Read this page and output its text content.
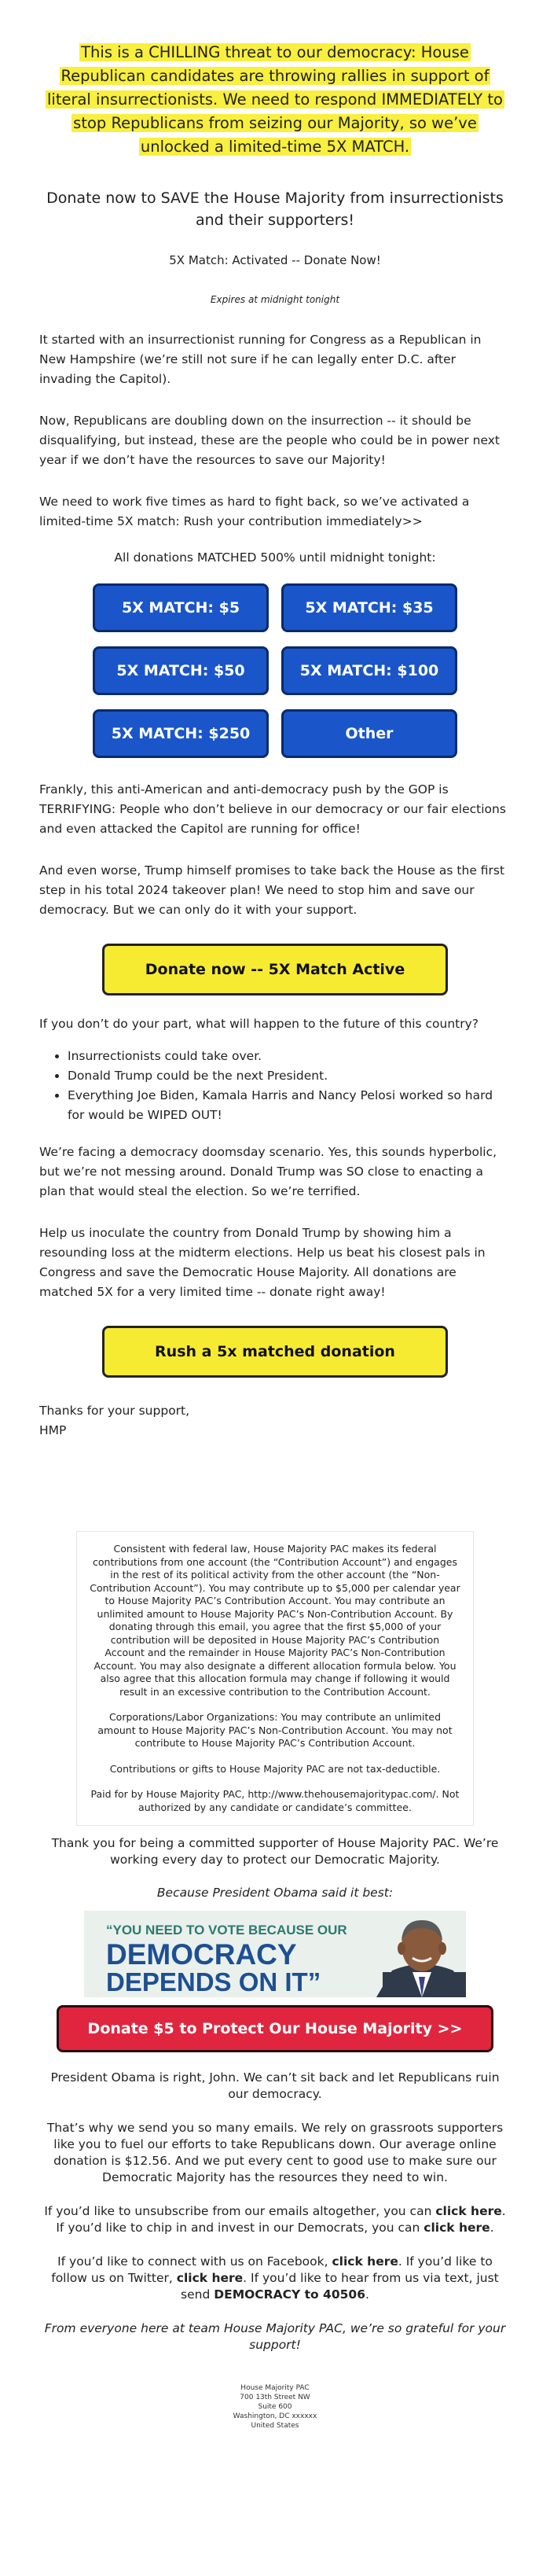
This is a CHILLING threat to our democracy: House Republican candidates are throwing rallies in support of literal insurrectionists. We need to respond IMMEDIATELY to stop Republicans from seizing our Majority, so we’ve unlocked a limited-time 5X MATCH.
Donate now to SAVE the House Majority from insurrectionists and their supporters!
5X Match: Activated -- Donate Now!
Expires at midnight tonight

It started with an insurrectionist running for Congress as a Republican in New Hampshire (we’re still not sure if he can legally enter D.C. after invading the Capitol).

Now, Republicans are doubling down on the insurrection -- it should be disqualifying, but instead, these are the people who could be in power next year if we don’t have the resources to save our Majority!

We need to work five times as hard to fight back, so we’ve activated a limited-time 5X match: Rush your contribution immediately>>

All donations MATCHED 500% until midnight tonight:
5X MATCH: $5	5X MATCH: $35
5X MATCH: $50	5X MATCH: $100
5X MATCH: $250	Other

Frankly, this anti-American and anti-democracy push by the GOP is TERRIFYING: People who don’t believe in our democracy or our fair elections and even attacked the Capitol are running for office!

And even worse, Trump himself promises to take back the House as the first step in his total 2024 takeover plan! We need to stop him and save our democracy. But we can only do it with your support.

Donate now -- 5X Match Active

If you don’t do your part, what will happen to the future of this country?

• Insurrectionists could take over.
• Donald Trump could be the next President.
• Everything Joe Biden, Kamala Harris and Nancy Pelosi worked so hard for would be WIPED OUT!

We’re facing a democracy doomsday scenario. Yes, this sounds hyperbolic, but we’re not messing around. Donald Trump was SO close to enacting a plan that would steal the election. So we’re terrified.

Help us inoculate the country from Donald Trump by showing him a resounding loss at the midterm elections. Help us beat his closest pals in Congress and save the Democratic House Majority. All donations are matched 5X for a very limited time -- donate right away!

Rush a 5x matched donation
Thanks for your support,
HMP

Consistent with federal law, House Majority PAC makes its federal contributions from one account (the “Contribution Account”) and engages in the rest of its political activity from the other account (the “Non-Contribution Account”). You may contribute up to $5,000 per calendar year to House Majority PAC’s Contribution Account. You may contribute an unlimited amount to House Majority PAC’s Non-Contribution Account. By donating through this email, you agree that the first $5,000 of your contribution will be deposited in House Majority PAC’s Contribution Account and the remainder in House Majority PAC’s Non-Contribution Account. You may also designate a different allocation formula below. You also agree that this allocation formula may change if following it would result in an excessive contribution to the Contribution Account.

Corporations/Labor Organizations: You may contribute an unlimited amount to House Majority PAC’s Non-Contribution Account. You may not contribute to House Majority PAC’s Contribution Account.

Contributions or gifts to House Majority PAC are not tax-deductible.

Paid for by House Majority PAC, http://www.thehousemajoritypac.com/. Not authorized by any candidate or candidate’s committee.

Thank you for being a committed supporter of House Majority PAC. We’re working every day to protect our Democratic Majority.
Because President Obama said it best:
“YOU NEED TO VOTE BECAUSE OUR
DEMOCRACY
DEPENDS ON IT”
Donate $5 to Protect Our House Majority >>

President Obama is right, John. We can’t sit back and let Republicans ruin our democracy.

That’s why we send you so many emails. We rely on grassroots supporters like you to fuel our efforts to take Republicans down. Our average online donation is $12.56. And we put every cent to good use to make sure our Democratic Majority has the resources they need to win.

If you’d like to unsubscribe from our emails altogether, you can click here. If you’d like to chip in and invest in our Democrats, you can click here.

If you’d like to connect with us on Facebook, click here. If you’d like to follow us on Twitter, click here. If you’d like to hear from us via text, just send DEMOCRACY to 40506.

From everyone here at team House Majority PAC, we’re so grateful for your support!

House Majority PAC
700 13th Street NW
Suite 600
Washington, DC xxxxxx
United States
